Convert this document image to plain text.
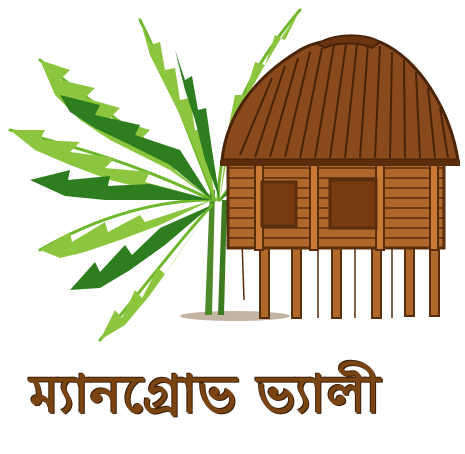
ম্যানগ্রোভ ভ্যালী
